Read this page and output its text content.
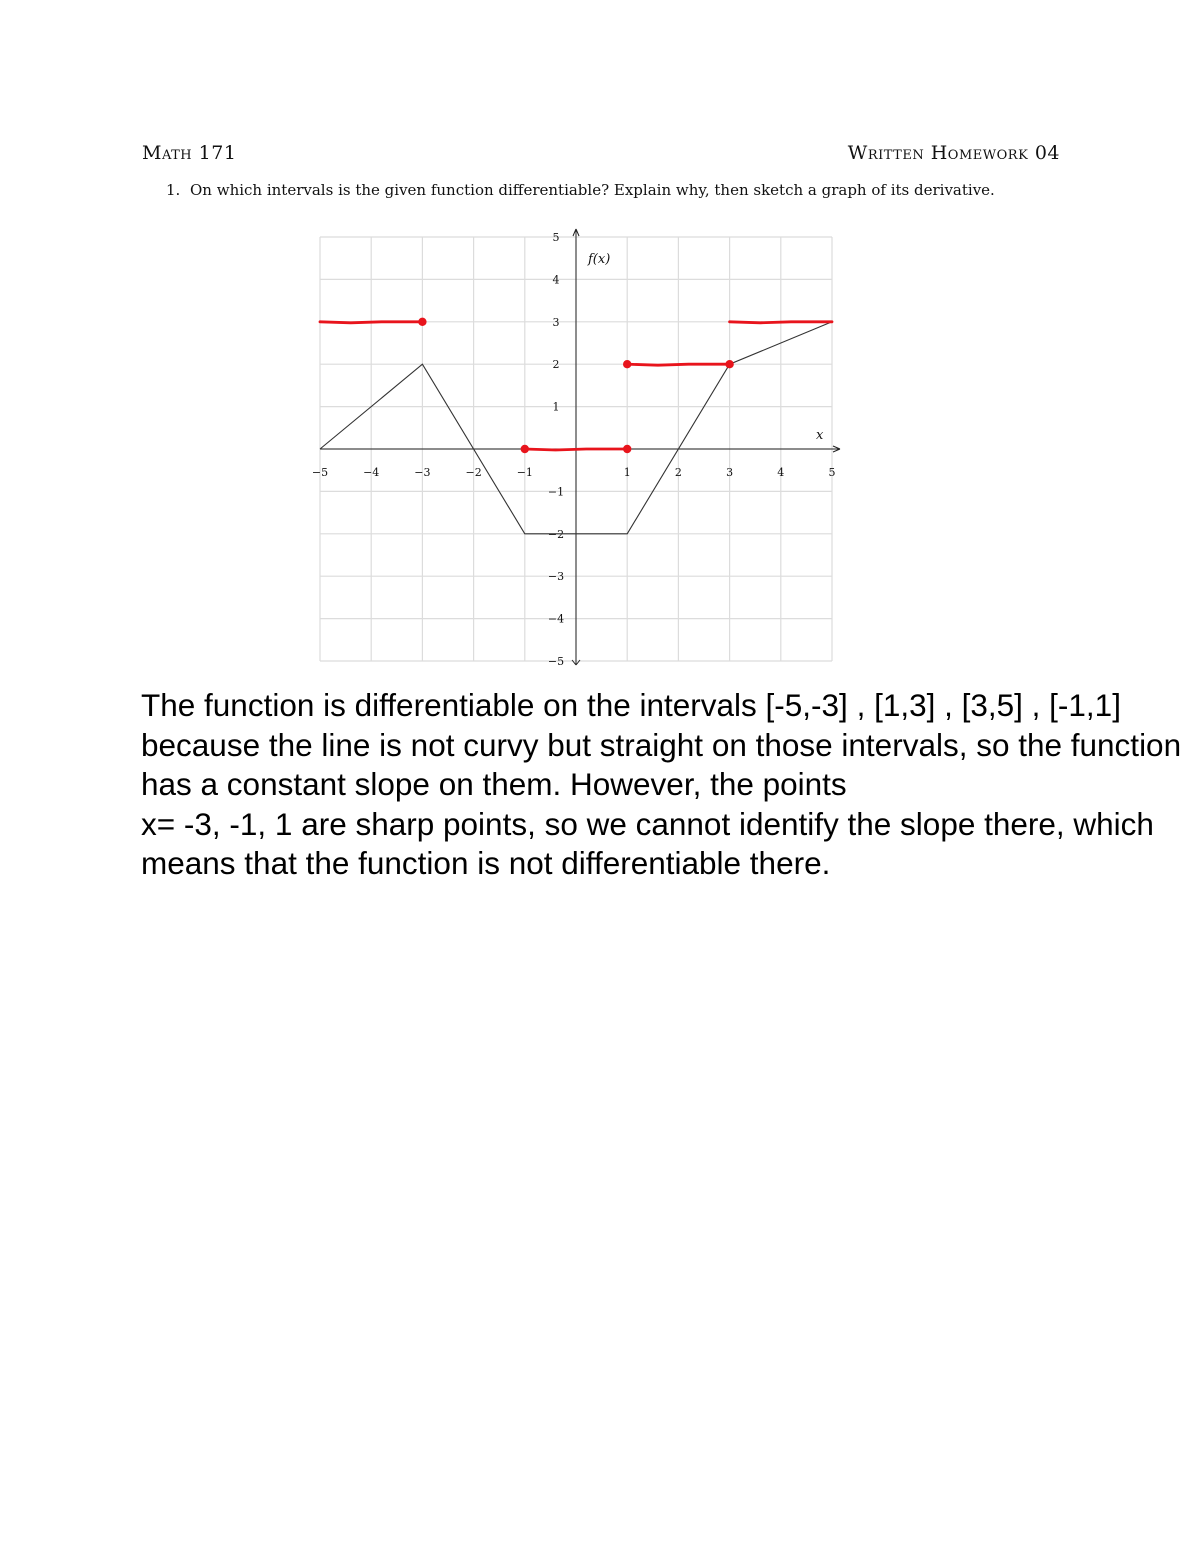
Math 171	Written Homework 04
1. On which intervals is the given function differentiable? Explain why, then sketch a graph of its derivative.
−5	−4	−3	−2	−1	1	2	3	4	5
5
4
3
2
1
−1
−2
−3
−4
−5
f(x)
x

The function is differentiable on the intervals [-5,-3] , [1,3] , [3,5] , [-1,1]

because the line is not curvy but straight on those intervals, so the function has a constant slope on them. However, the points

x= -3, -1, 1 are sharp points, so we cannot identify the slope there, which means that the function is not differentiable there.
